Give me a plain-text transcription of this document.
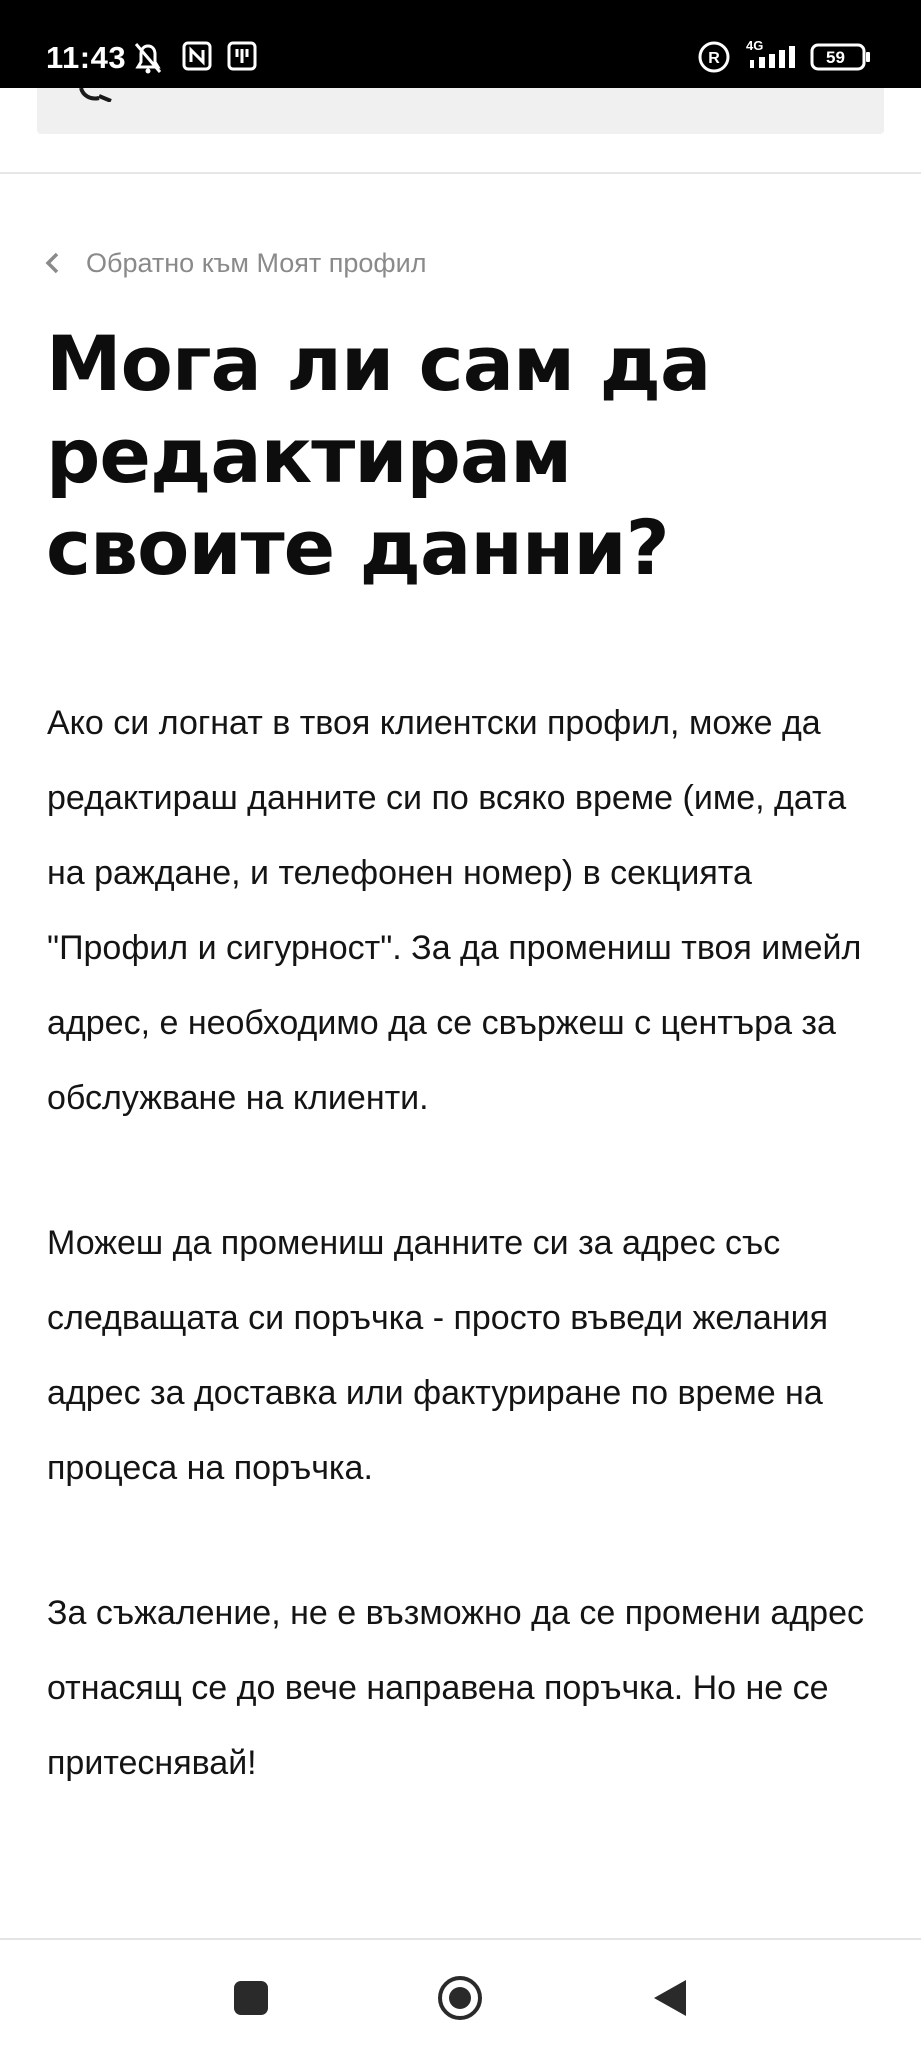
11:43	R
4G
59
Обратно към Моят профил
Мога ли сам да редактирам своите данни?

Ако си логнат в твоя клиентски профил, може да редактираш данните си по всяко време (име, дата на раждане, и телефонен номер) в секцията "Профил и сигурност". За да промениш твоя имейл адрес, е необходимо да се свържеш с центъра за обслужване на клиенти.

Можеш да промениш данните си за адрес със следващата си поръчка - просто въведи желания адрес за доставка или фактуриране по време на процеса на поръчка.

За съжаление, не е възможно да се промени адрес отнасящ се до вече направена поръчка. Но не се притеснявай!
